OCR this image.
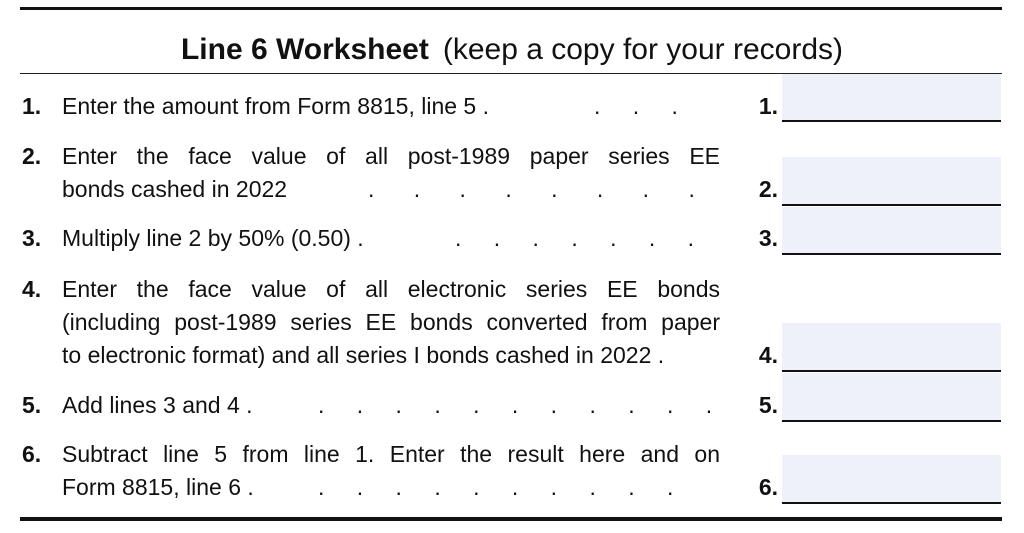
Line 6 Worksheet (keep a copy for your records)
1. Enter the amount from Form 8815, line 5 .	. . .	1.
2. Enter the face value of all post-1989 paper series EE
bonds cashed in 2022	. . . . . . . .	2.
3. Multiply line 2 by 50% (0.50) .	. . . . . . .	3.
4. Enter the face value of all electronic series EE bonds
(including post-1989 series EE bonds converted from paper
to electronic format) and all series I bonds cashed in 2022 .	4.
5. Add lines 3 and 4 .	. . . . . . . . . . .	5.
6. Subtract line 5 from line 1. Enter the result here and on
Form 8815, line 6 .	. . . . . . . . . .	6.
